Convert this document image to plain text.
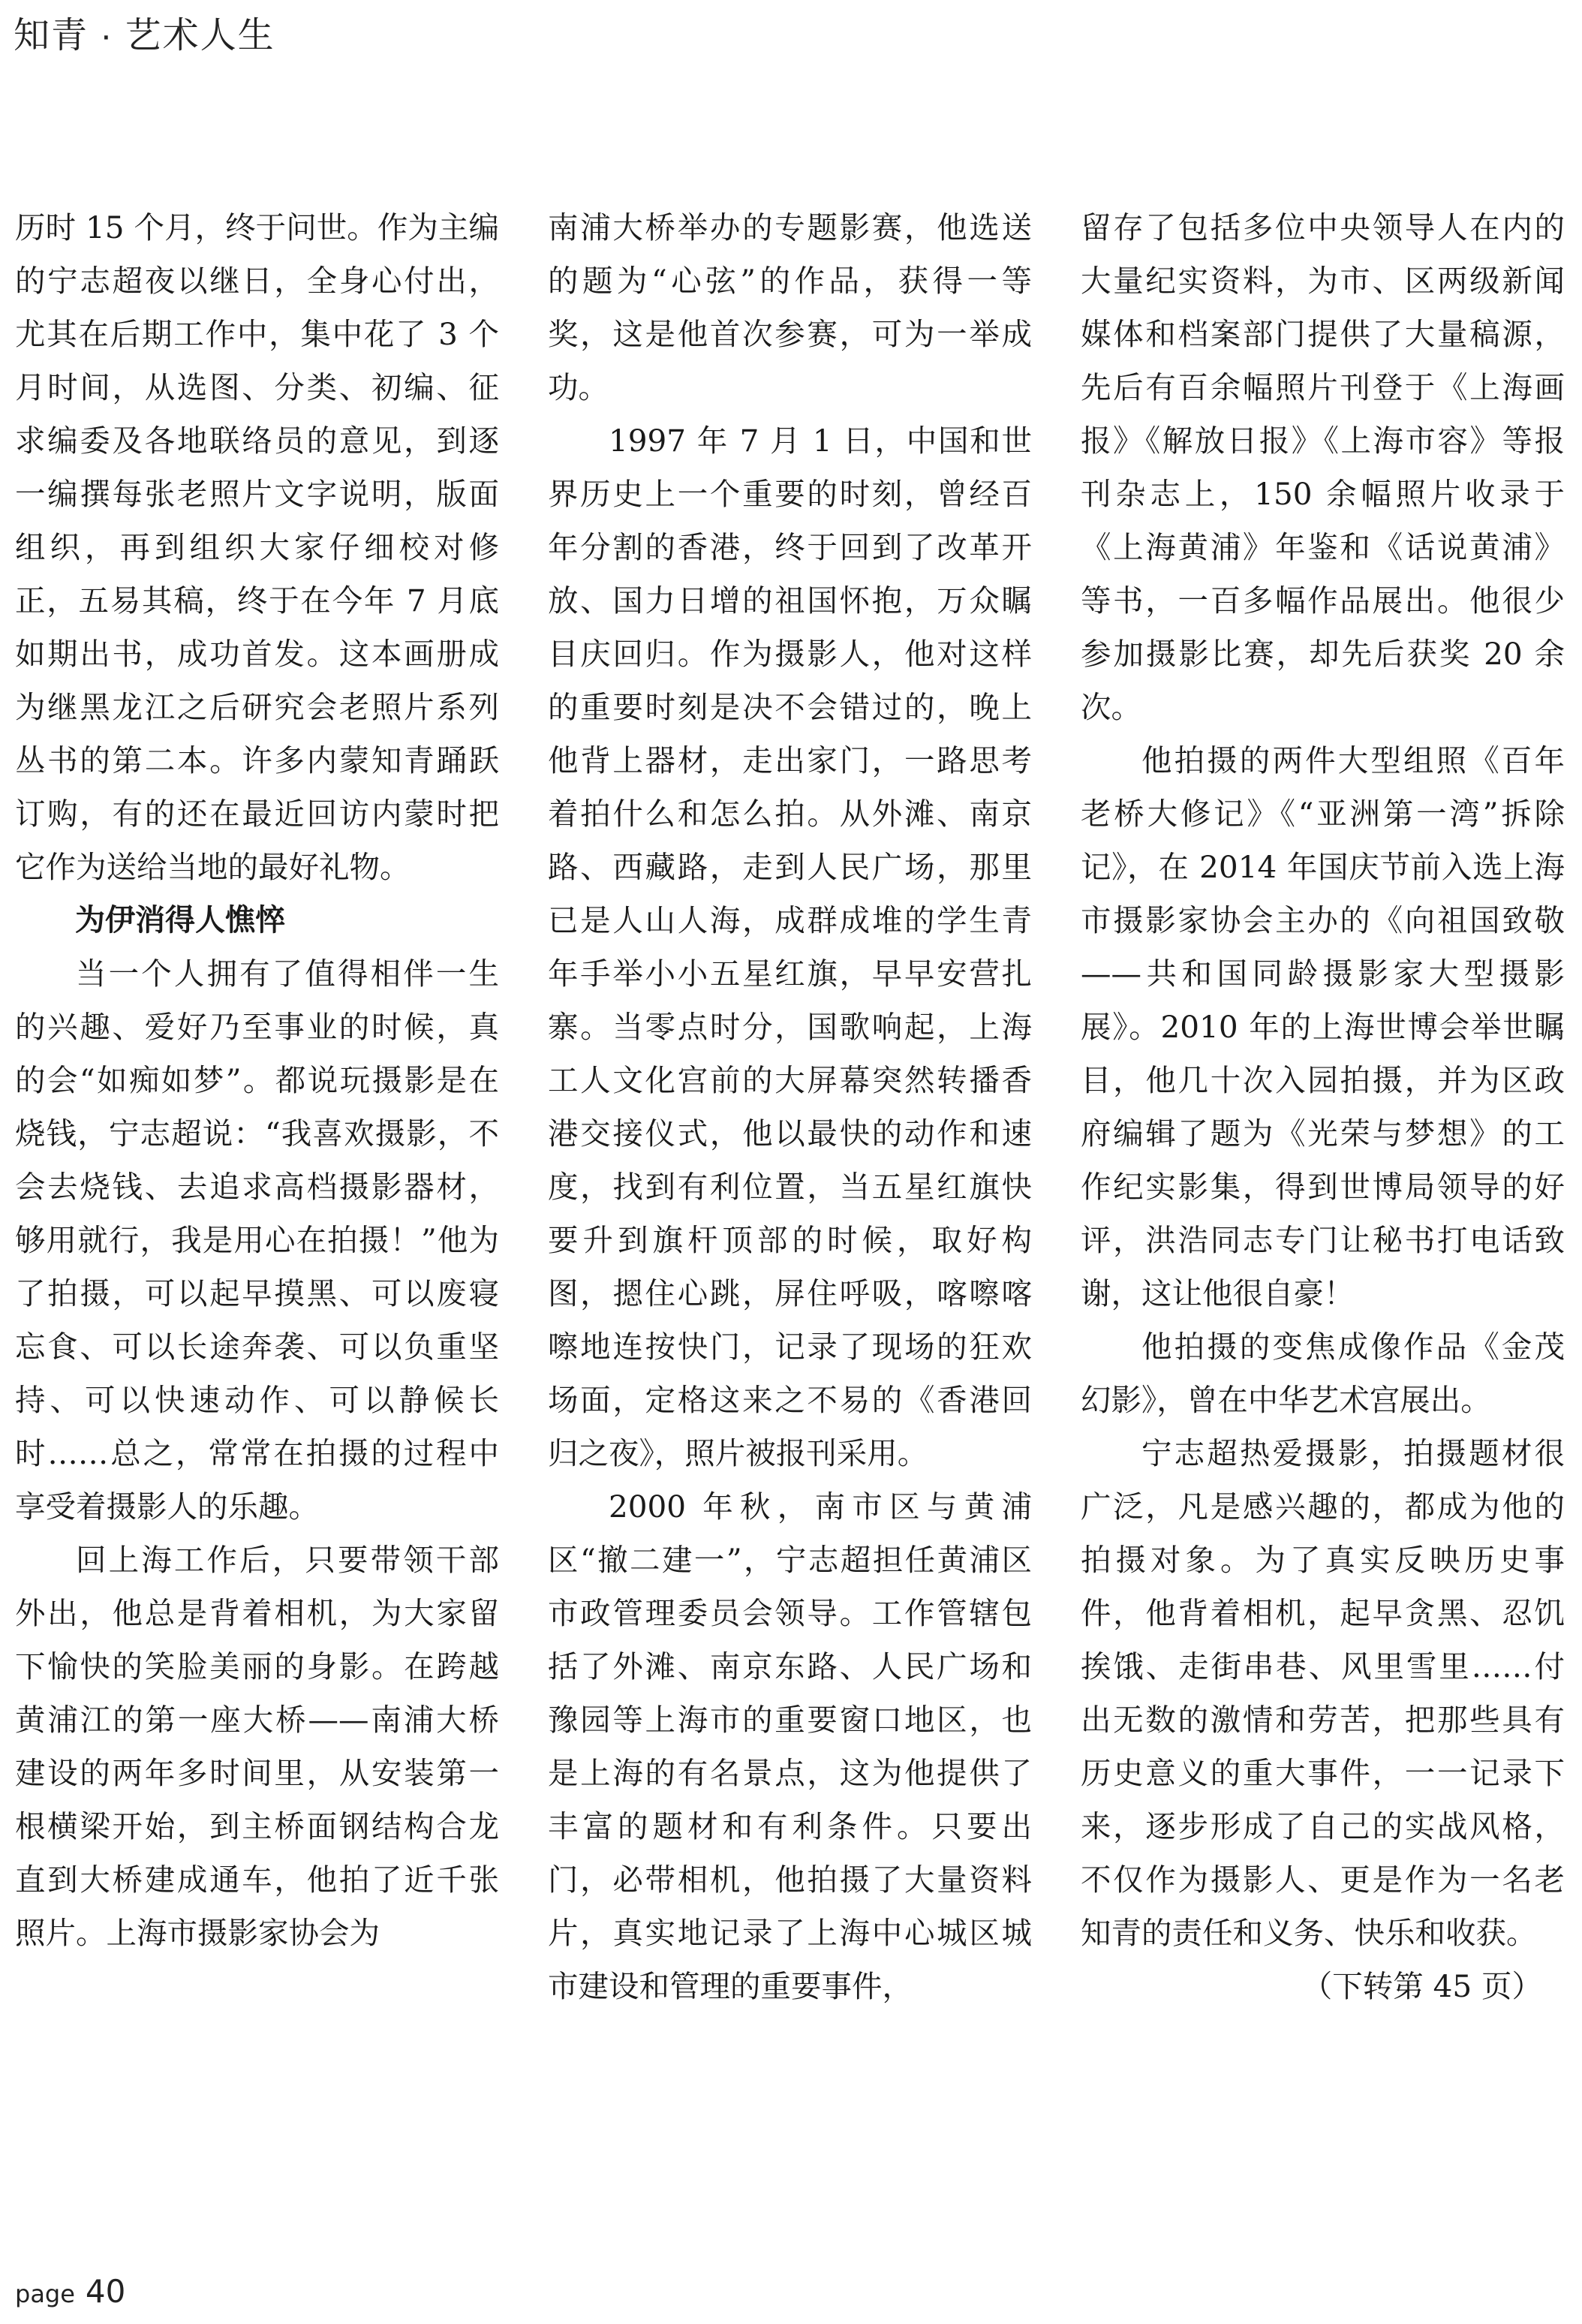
知青 · 艺术人生

历时 15 个月，终于问世。作为主编的宁志超夜以继日，全身心付出，尤其在后期工作中，集中花了 3 个月时间，从选图、分类、初编、征求编委及各地联络员的意见，到逐一编撰每张老照片文字说明，版面组织，再到组织大家仔细校对修正，五易其稿，终于在今年 7 月底如期出书，成功首发。这本画册成为继黑龙江之后研究会老照片系列丛书的第二本。许多内蒙知青踊跃订购，有的还在最近回访内蒙时把它作为送给当地的最好礼物。

为伊消得人憔悴

当一个人拥有了值得相伴一生的兴趣、爱好乃至事业的时候，真的会“如痴如梦”。都说玩摄影是在烧钱，宁志超说：“我喜欢摄影，不会去烧钱、去追求高档摄影器材，够用就行，我是用心在拍摄！”他为了拍摄，可以起早摸黑、可以废寝忘食、可以长途奔袭、可以负重坚持、可以快速动作、可以静候长时……总之，常常在拍摄的过程中享受着摄影人的乐趣。

回上海工作后，只要带领干部外出，他总是背着相机，为大家留下愉快的笑脸美丽的身影。在跨越黄浦江的第一座大桥——南浦大桥建设的两年多时间里，从安装第一根横梁开始，到主桥面钢结构合龙直到大桥建成通车，他拍了近千张照片。上海市摄影家协会为

南浦大桥举办的专题影赛，他选送的题为“心弦”的作品，获得一等奖，这是他首次参赛，可为一举成功。

1997 年 7 月 1 日，中国和世界历史上一个重要的时刻，曾经百年分割的香港，终于回到了改革开放、国力日增的祖国怀抱，万众瞩目庆回归。作为摄影人，他对这样的重要时刻是决不会错过的，晚上他背上器材，走出家门，一路思考着拍什么和怎么拍。从外滩、南京路、西藏路，走到人民广场，那里已是人山人海，成群成堆的学生青年手举小小五星红旗，早早安营扎寨。当零点时分，国歌响起，上海工人文化宫前的大屏幕突然转播香港交接仪式，他以最快的动作和速度，找到有利位置，当五星红旗快要升到旗杆顶部的时候，取好构图，摁住心跳，屏住呼吸，喀嚓喀嚓地连按快门，记录了现场的狂欢场面，定格这来之不易的《香港回归之夜》，照片被报刊采用。

2000 年秋，南市区与黄浦区“撤二建一”，宁志超担任黄浦区市政管理委员会领导。工作管辖包括了外滩、南京东路、人民广场和豫园等上海市的重要窗口地区，也是上海的有名景点，这为他提供了丰富的题材和有利条件。只要出门，必带相机，他拍摄了大量资料片，真实地记录了上海中心城区城市建设和管理的重要事件，

留存了包括多位中央领导人在内的大量纪实资料，为市、区两级新闻媒体和档案部门提供了大量稿源，先后有百余幅照片刊登于《上海画报》《解放日报》《上海市容》等报刊杂志上，150 余幅照片收录于《上海黄浦》年鉴和《话说黄浦》等书，一百多幅作品展出。他很少参加摄影比赛，却先后获奖 20 余次。

他拍摄的两件大型组照《百年老桥大修记》《“亚洲第一湾”拆除记》，在 2014 年国庆节前入选上海市摄影家协会主办的《向祖国致敬——共和国同龄摄影家大型摄影展》。2010 年的上海世博会举世瞩目，他几十次入园拍摄，并为区政府编辑了题为《光荣与梦想》的工作纪实影集，得到世博局领导的好评，洪浩同志专门让秘书打电话致谢，这让他很自豪！

他拍摄的变焦成像作品《金茂幻影》，曾在中华艺术宫展出。

宁志超热爱摄影，拍摄题材很广泛，凡是感兴趣的，都成为他的拍摄对象。为了真实反映历史事件，他背着相机，起早贪黑、忍饥挨饿、走街串巷、风里雪里……付出无数的激情和劳苦，把那些具有历史意义的重大事件，一一记录下来，逐步形成了自己的实战风格，不仅作为摄影人、更是作为一名老知青的责任和义务、快乐和收获。

（下转第 45 页）

page 40
